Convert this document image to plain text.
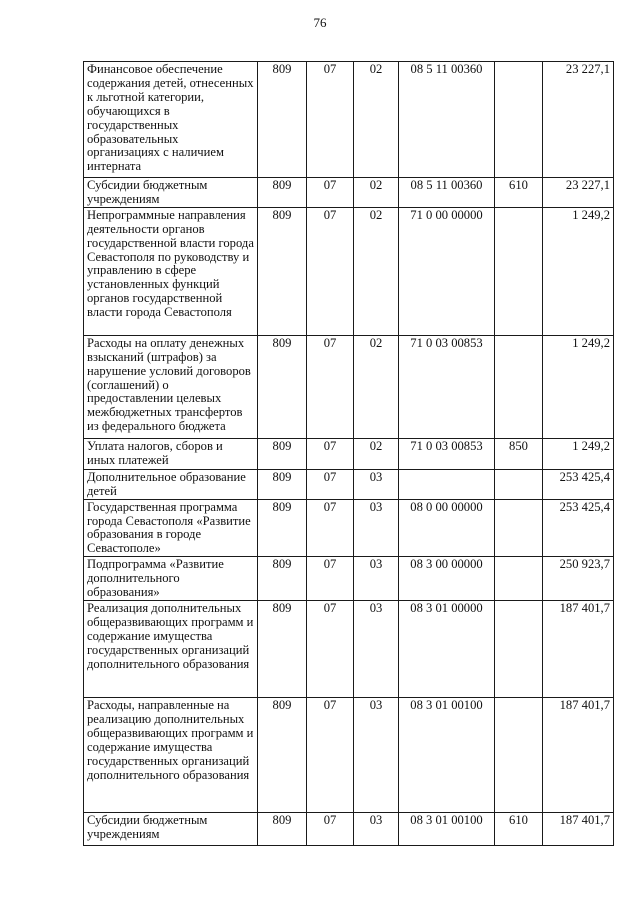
76
Финансовое обеспечение содержания детей, отнесенных к льготной категории, обучающихся в государственных образовательных организациях с наличием интерната	809	07	02	08 5 11 00360		23 227,1
Субсидии бюджетным учреждениям	809	07	02	08 5 11 00360	610	23 227,1
Непрограммные направления деятельности органов государственной власти города Севастополя по руководству и управлению в сфере установленных функций органов государственной власти города Севастополя	809	07	02	71 0 00 00000		1 249,2
Расходы на оплату денежных взысканий (штрафов) за нарушение условий договоров (соглашений) о предоставлении целевых межбюджетных трансфертов из федерального бюджета	809	07	02	71 0 03 00853		1 249,2
Уплата налогов, сборов и иных платежей	809	07	02	71 0 03 00853	850	1 249,2
Дополнительное образование детей	809	07	03			253 425,4
Государственная программа города Севастополя «Развитие образования в городе Севастополе»	809	07	03	08 0 00 00000		253 425,4
Подпрограмма «Развитие дополнительного образования»	809	07	03	08 3 00 00000		250 923,7
Реализация дополнительных общеразвивающих программ и содержание имущества государственных организаций дополнительного образования	809	07	03	08 3 01 00000		187 401,7
Расходы, направленные на реализацию дополнительных общеразвивающих программ и содержание имущества государственных организаций дополнительного образования	809	07	03	08 3 01 00100		187 401,7
Субсидии бюджетным учреждениям	809	07	03	08 3 01 00100	610	187 401,7
